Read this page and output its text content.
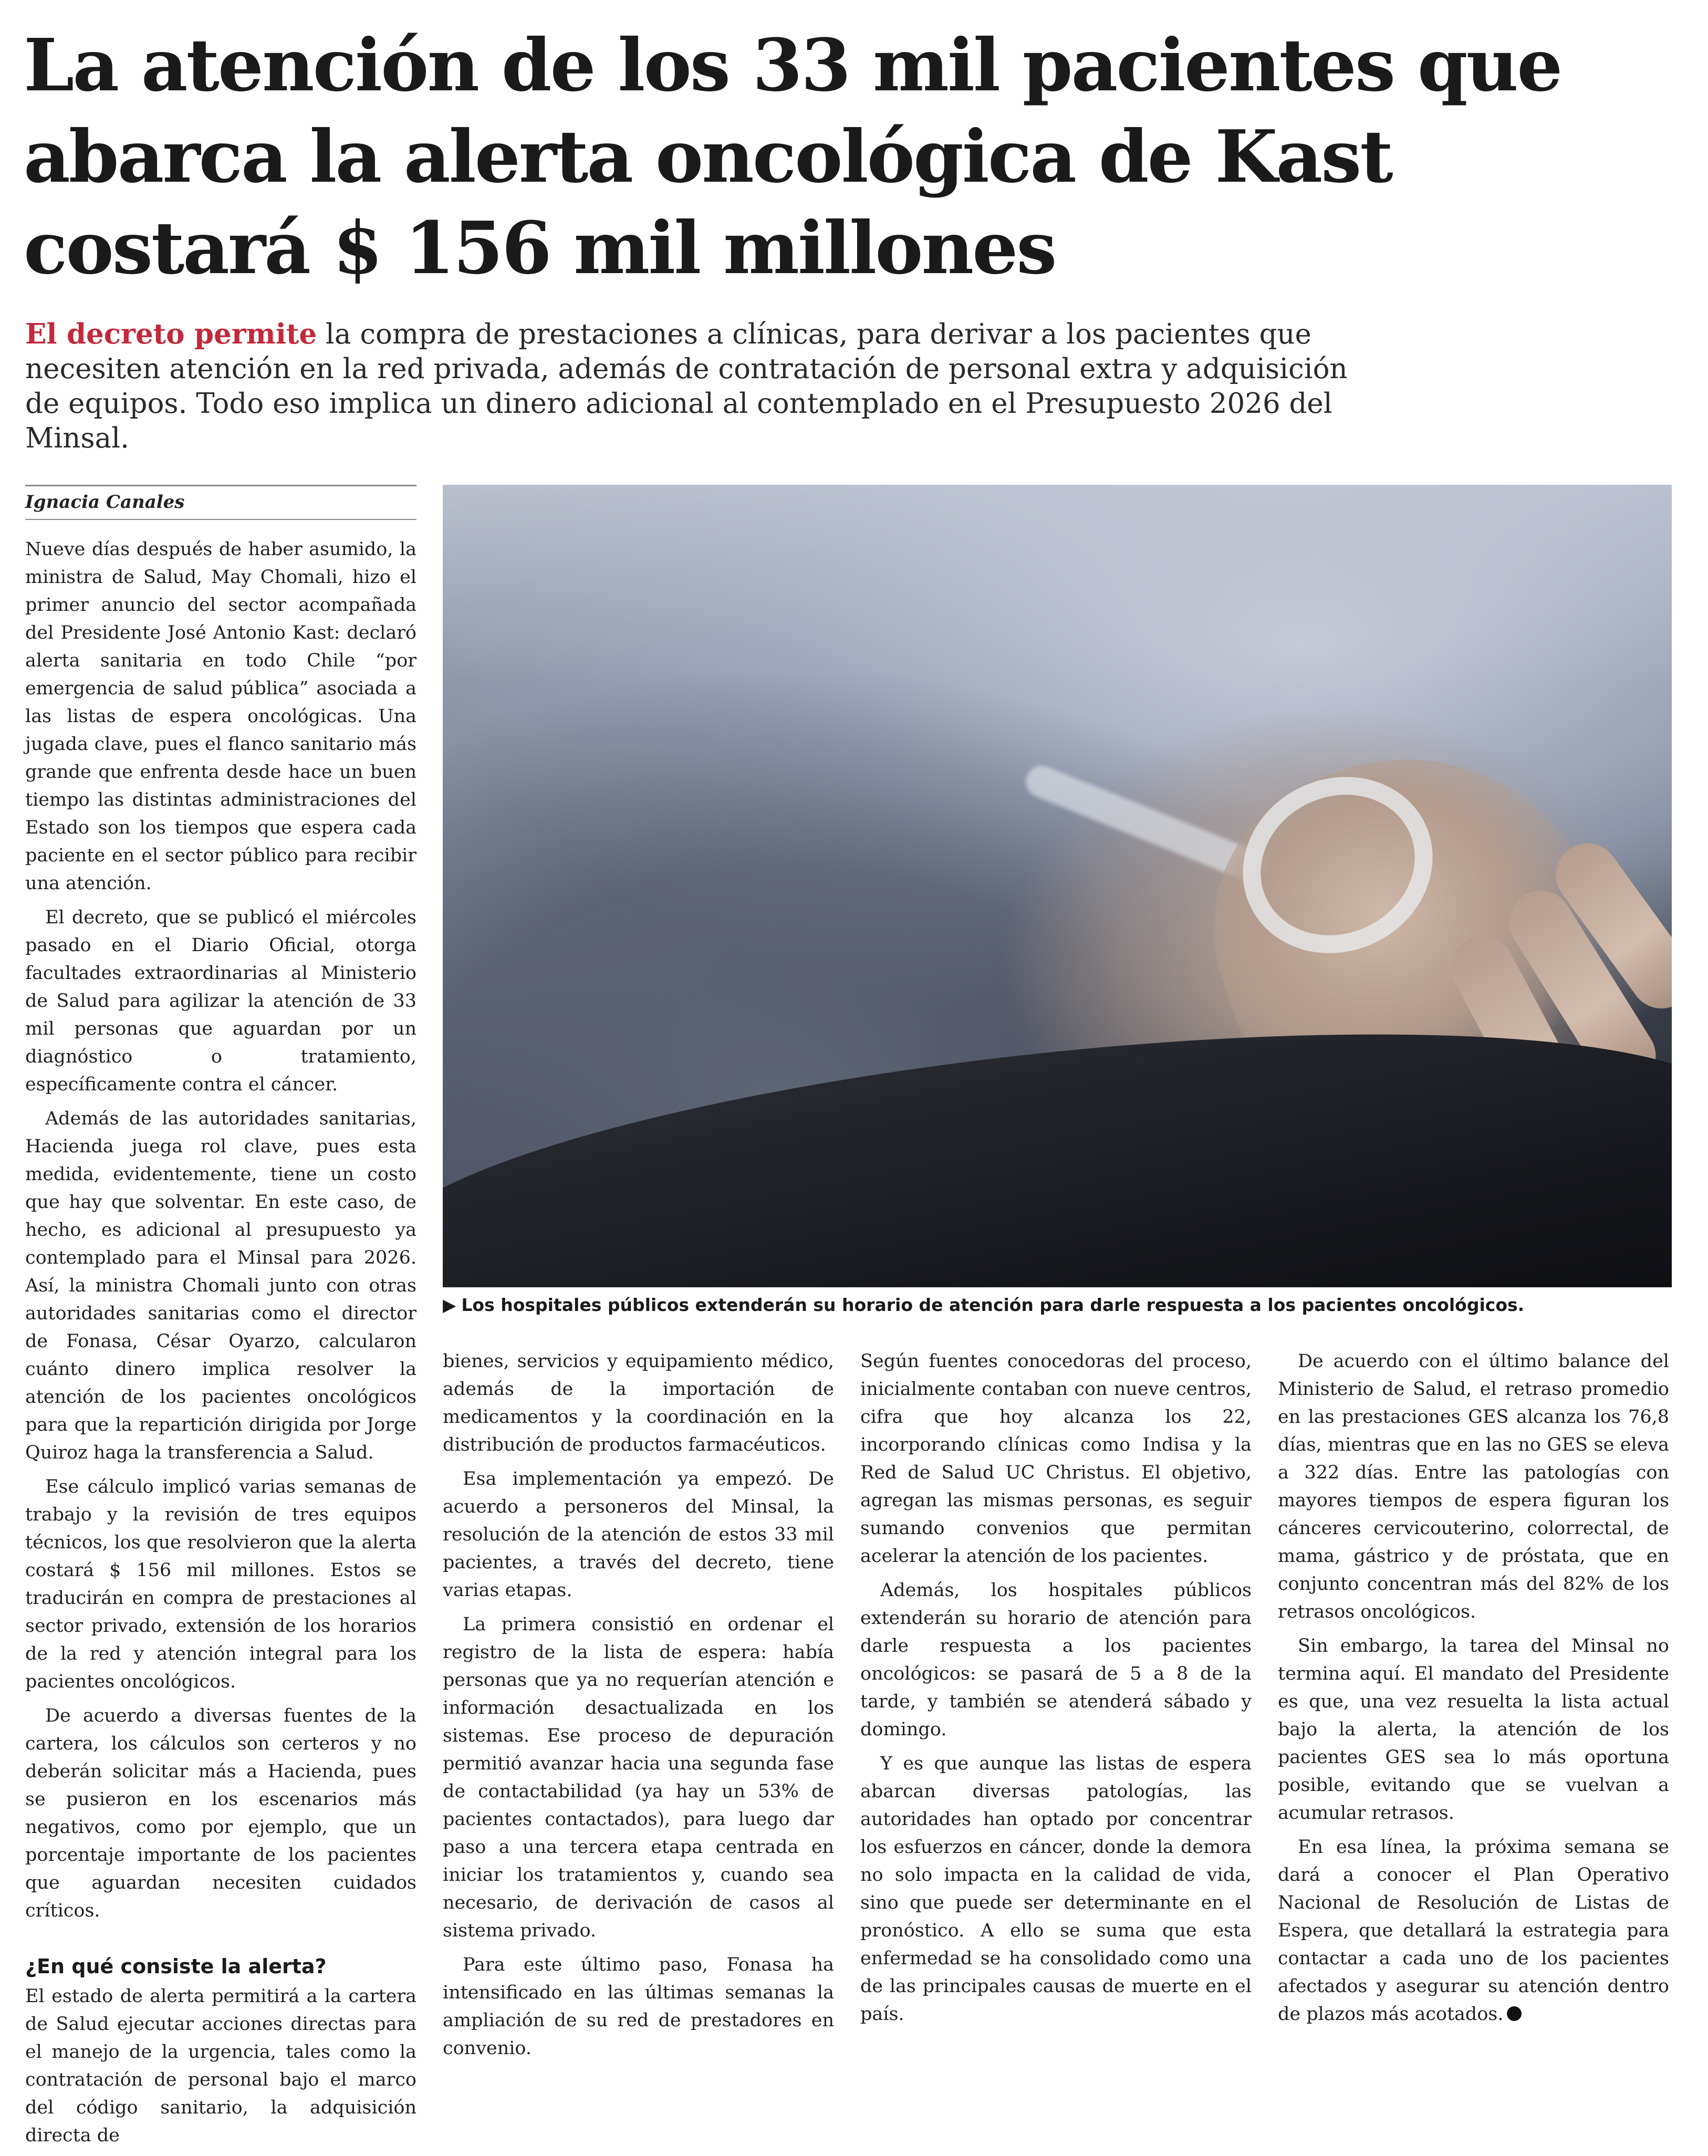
La atención de los 33 mil pacientes que abarca la alerta oncológica de Kast costará $ 156 mil millones

El decreto permite la compra de prestaciones a clínicas, para derivar a los pacientes que necesiten atención en la red privada, además de contratación de personal extra y adquisición de equipos. Todo eso implica un dinero adicional al contemplado en el Presupuesto 2026 del Minsal.

Ignacia Canales
▶ Los hospitales públicos extenderán su horario de atención para darle respuesta a los pacientes oncológicos.

Nueve días después de haber asumido, la ministra de Salud, May Chomali, hizo el primer anuncio del sector acompañada del Presidente José Antonio Kast: declaró alerta sanitaria en todo Chile “por emergencia de salud pública” asociada a las listas de espera oncológicas. Una jugada clave, pues el flanco sanitario más grande que enfrenta desde hace un buen tiempo las distintas administraciones del Estado son los tiempos que espera cada paciente en el sector público para recibir una atención.

El decreto, que se publicó el miércoles pasado en el Diario Oficial, otorga facultades extraordinarias al Ministerio de Salud para agilizar la atención de 33 mil personas que aguardan por un diagnóstico o tratamiento, específicamente contra el cáncer.

Además de las autoridades sanitarias, Hacienda juega rol clave, pues esta medida, evidentemente, tiene un costo que hay que solventar. En este caso, de hecho, es adicional al presupuesto ya contemplado para el Minsal para 2026. Así, la ministra Chomali junto con otras autoridades sanitarias como el director de Fonasa, César Oyarzo, calcularon cuánto dinero implica resolver la atención de los pacientes oncológicos para que la repartición dirigida por Jorge Quiroz haga la transferencia a Salud.

Ese cálculo implicó varias semanas de trabajo y la revisión de tres equipos técnicos, los que resolvieron que la alerta costará $ 156 mil millones. Estos se traducirán en compra de prestaciones al sector privado, extensión de los horarios de la red y atención integral para los pacientes oncológicos.

De acuerdo a diversas fuentes de la cartera, los cálculos son certeros y no deberán solicitar más a Hacienda, pues se pusieron en los escenarios más negativos, como por ejemplo, que un porcentaje importante de los pacientes que aguardan necesiten cuidados críticos.

¿En qué consiste la alerta?

El estado de alerta permitirá a la cartera de Salud ejecutar acciones directas para el manejo de la urgencia, tales como la contratación de personal bajo el marco del código sanitario, la adquisición directa de

bienes, servicios y equipamiento médico, además de la importación de medicamentos y la coordinación en la distribución de productos farmacéuticos.

Esa implementación ya empezó. De acuerdo a personeros del Minsal, la resolución de la atención de estos 33 mil pacientes, a través del decreto, tiene varias etapas.

La primera consistió en ordenar el registro de la lista de espera: había personas que ya no requerían atención e información desactualizada en los sistemas. Ese proceso de depuración permitió avanzar hacia una segunda fase de contactabilidad (ya hay un 53% de pacientes contactados), para luego dar paso a una tercera etapa centrada en iniciar los tratamientos y, cuando sea necesario, de derivación de casos al sistema privado.

Para este último paso, Fonasa ha intensificado en las últimas semanas la ampliación de su red de prestadores en convenio.

Según fuentes conocedoras del proceso, inicialmente contaban con nueve centros, cifra que hoy alcanza los 22, incorporando clínicas como Indisa y la Red de Salud UC Christus. El objetivo, agregan las mismas personas, es seguir sumando convenios que permitan acelerar la atención de los pacientes.

Además, los hospitales públicos extenderán su horario de atención para darle respuesta a los pacientes oncológicos: se pasará de 5 a 8 de la tarde, y también se atenderá sábado y domingo.

Y es que aunque las listas de espera abarcan diversas patologías, las autoridades han optado por concentrar los esfuerzos en cáncer, donde la demora no solo impacta en la calidad de vida, sino que puede ser determinante en el pronóstico. A ello se suma que esta enfermedad se ha consolidado como una de las principales causas de muerte en el país.

De acuerdo con el último balance del Ministerio de Salud, el retraso promedio en las prestaciones GES alcanza los 76,8 días, mientras que en las no GES se eleva a 322 días. Entre las patologías con mayores tiempos de espera figuran los cánceres cervicouterino, colorrectal, de mama, gástrico y de próstata, que en conjunto concentran más del 82% de los retrasos oncológicos.

Sin embargo, la tarea del Minsal no termina aquí. El mandato del Presidente es que, una vez resuelta la lista actual bajo la alerta, la atención de los pacientes GES sea lo más oportuna posible, evitando que se vuelvan a acumular retrasos.

En esa línea, la próxima semana se dará a conocer el Plan Operativo Nacional de Resolución de Listas de Espera, que detallará la estrategia para contactar a cada uno de los pacientes afectados y asegurar su atención dentro de plazos más acotados.
